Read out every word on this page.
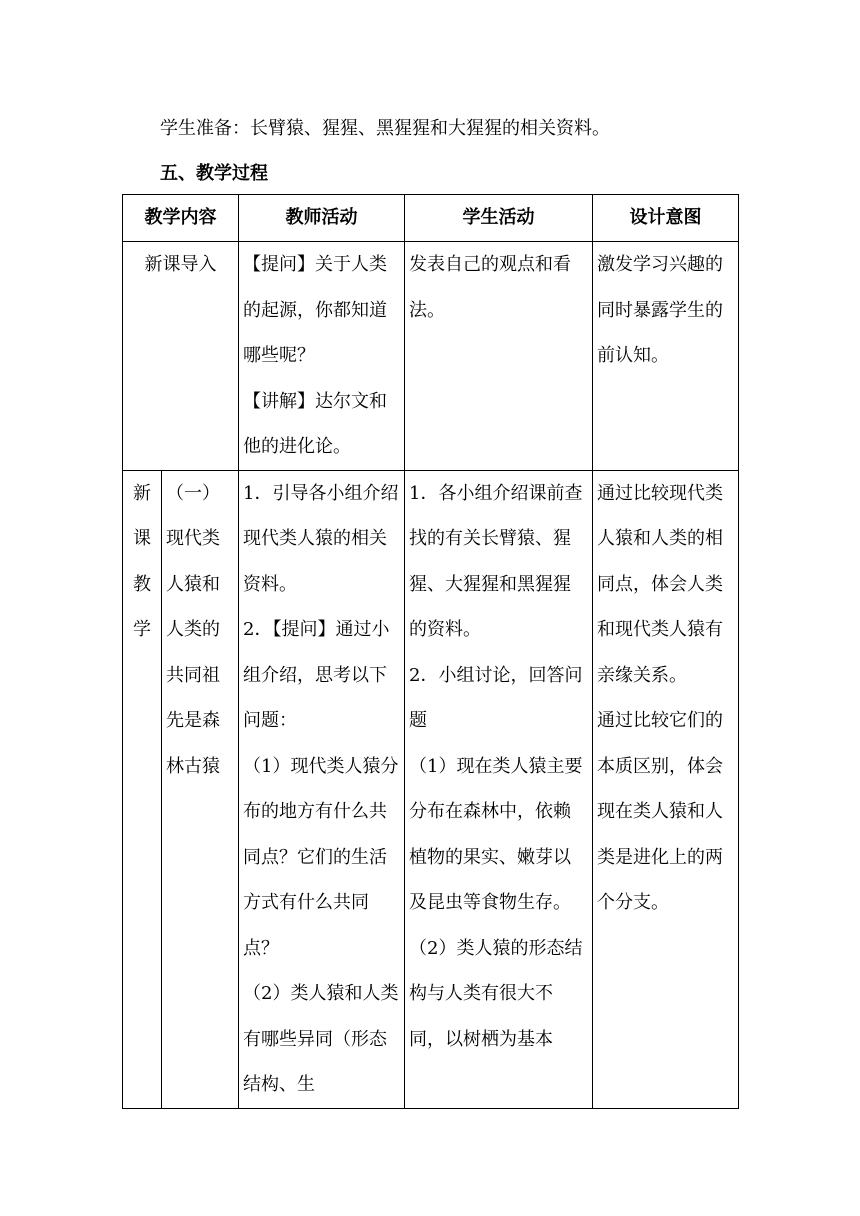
学生准备：长臂猿、猩猩、黑猩猩和大猩猩的相关资料。
五、教学过程
教学内容		教师活动	学生活动	设计意图
新课导入		【提问】关于人类的起源，你都知道哪些呢？
【讲解】达尔文和他的进化论。	发表自己的观点和看法。	激发学习兴趣的同时暴露学生的前认知。

新课教学	（一）现代类人猿和人类的共同祖先是森林古猿	1．引导各小组介绍现代类人猿的相关资料。
2．【提问】通过小组介绍，思考以下问题：
（1）现代类人猿分布的地方有什么共同点？它们的生活方式有什么共同点？
（2）类人猿和人类有哪些异同（形态结构、生	1．各小组介绍课前查找的有关长臂猿、猩猩、大猩猩和黑猩猩的资料。
2．小组讨论，回答问题
（1）现在类人猿主要分布在森林中，依赖植物的果实、嫩芽以及昆虫等食物生存。
（2）类人猿的形态结构与人类有很大不同，以树栖为基本	通过比较现代类人猿和人类的相同点，体会人类和现代类人猿有亲缘关系。
通过比较它们的本质区别，体会现在类人猿和人类是进化上的两个分支。
